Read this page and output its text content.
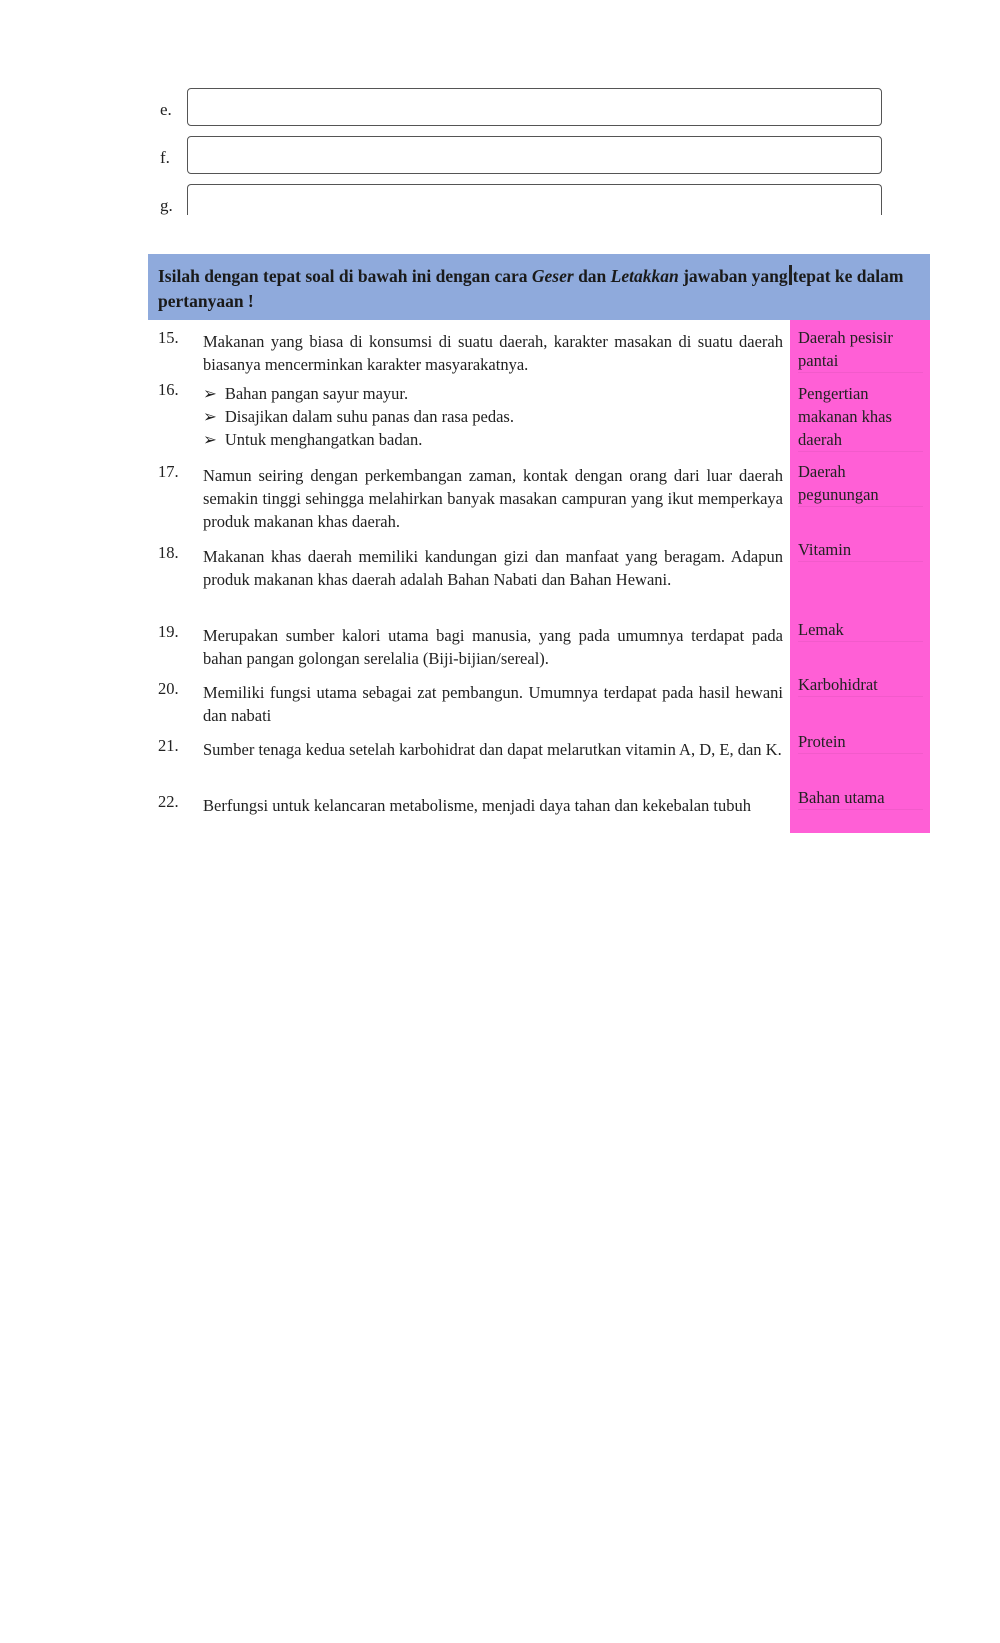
e.
f.
g.
Isilah dengan tepat soal di bawah ini dengan cara Geser dan Letakkan jawaban yang tepat ke dalam pertanyaan !
15. Makanan yang biasa di konsumsi di suatu daerah, karakter masakan di suatu daerah biasanya mencerminkan karakter masyarakatnya.
16.
➢	Bahan pangan sayur mayur.
➢ Disajikan dalam suhu panas dan rasa pedas.
➢ Untuk menghangatkan badan.
17. Namun seiring dengan perkembangan zaman, kontak dengan orang dari luar daerah semakin tinggi sehingga melahirkan banyak masakan campuran yang ikut memperkaya produk makanan khas daerah.
18. Makanan khas daerah memiliki kandungan gizi dan manfaat yang beragam. Adapun produk makanan khas daerah adalah Bahan Nabati dan Bahan Hewani.
19. Merupakan sumber kalori utama bagi manusia, yang pada umumnya terdapat pada bahan pangan golongan serelalia (Biji-bijian/sereal).
20. Memiliki fungsi utama sebagai zat pembangun. Umumnya terdapat pada hasil hewani dan nabati
21. Sumber tenaga kedua setelah karbohidrat dan dapat melarutkan vitamin A, D, E, dan K.
22. Berfungsi untuk kelancaran metabolisme, menjadi daya tahan dan kekebalan tubuh
Daerah pesisir pantai
Pengertian makanan khas daerah
Daerah pegunungan
Vitamin
Lemak
Karbohidrat
Protein
Bahan utama
